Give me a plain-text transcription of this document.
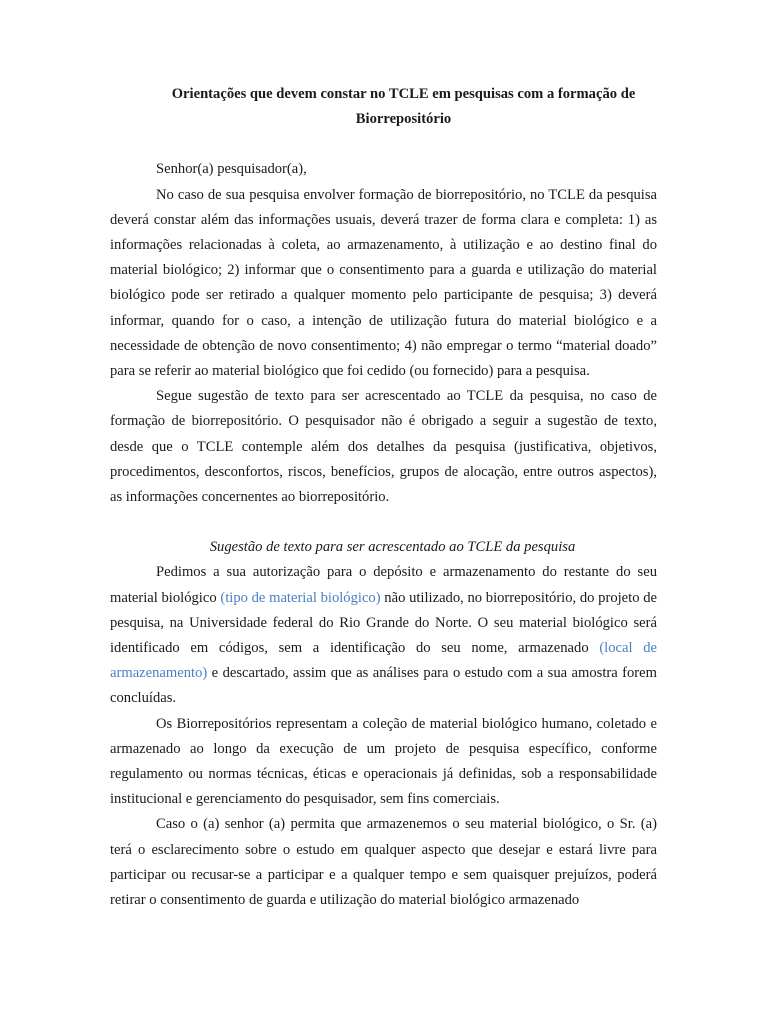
Orientações que devem constar no TCLE em pesquisas com a formação de
Biorrepositório

Senhor(a) pesquisador(a),

No caso de sua pesquisa envolver formação de biorrepositório, no TCLE da pesquisa deverá constar além das informações usuais, deverá trazer de forma clara e completa: 1) as informações relacionadas à coleta, ao armazenamento, à utilização e ao destino final do material biológico; 2) informar que o consentimento para a guarda e utilização do material biológico pode ser retirado a qualquer momento pelo participante de pesquisa; 3) deverá informar, quando for o caso, a intenção de utilização futura do material biológico e a necessidade de obtenção de novo consentimento; 4) não empregar o termo “material doado” para se referir ao material biológico que foi cedido (ou fornecido) para a pesquisa.

Segue sugestão de texto para ser acrescentado ao TCLE da pesquisa, no caso de formação de biorrepositório. O pesquisador não é obrigado a seguir a sugestão de texto, desde que o TCLE contemple além dos detalhes da pesquisa (justificativa, objetivos, procedimentos, desconfortos, riscos, benefícios, grupos de alocação, entre outros aspectos), as informações concernentes ao biorrepositório.

Sugestão de texto para ser acrescentado ao TCLE da pesquisa

Pedimos a sua autorização para o depósito e armazenamento do restante do seu material biológico (tipo de material biológico) não utilizado, no biorrepositório, do projeto de pesquisa, na Universidade federal do Rio Grande do Norte. O seu material biológico será identificado em códigos, sem a identificação do seu nome, armazenado (local de armazenamento) e descartado, assim que as análises para o estudo com a sua amostra forem concluídas.

Os Biorrepositórios representam a coleção de material biológico humano, coletado e armazenado ao longo da execução de um projeto de pesquisa específico, conforme regulamento ou normas técnicas, éticas e operacionais já definidas, sob a responsabilidade institucional e gerenciamento do pesquisador, sem fins comerciais.

Caso o (a) senhor (a) permita que armazenemos o seu material biológico, o Sr. (a) terá o esclarecimento sobre o estudo em qualquer aspecto que desejar e estará livre para participar ou recusar-se a participar e a qualquer tempo e sem quaisquer prejuízos, poderá retirar o consentimento de guarda e utilização do material biológico armazenado
